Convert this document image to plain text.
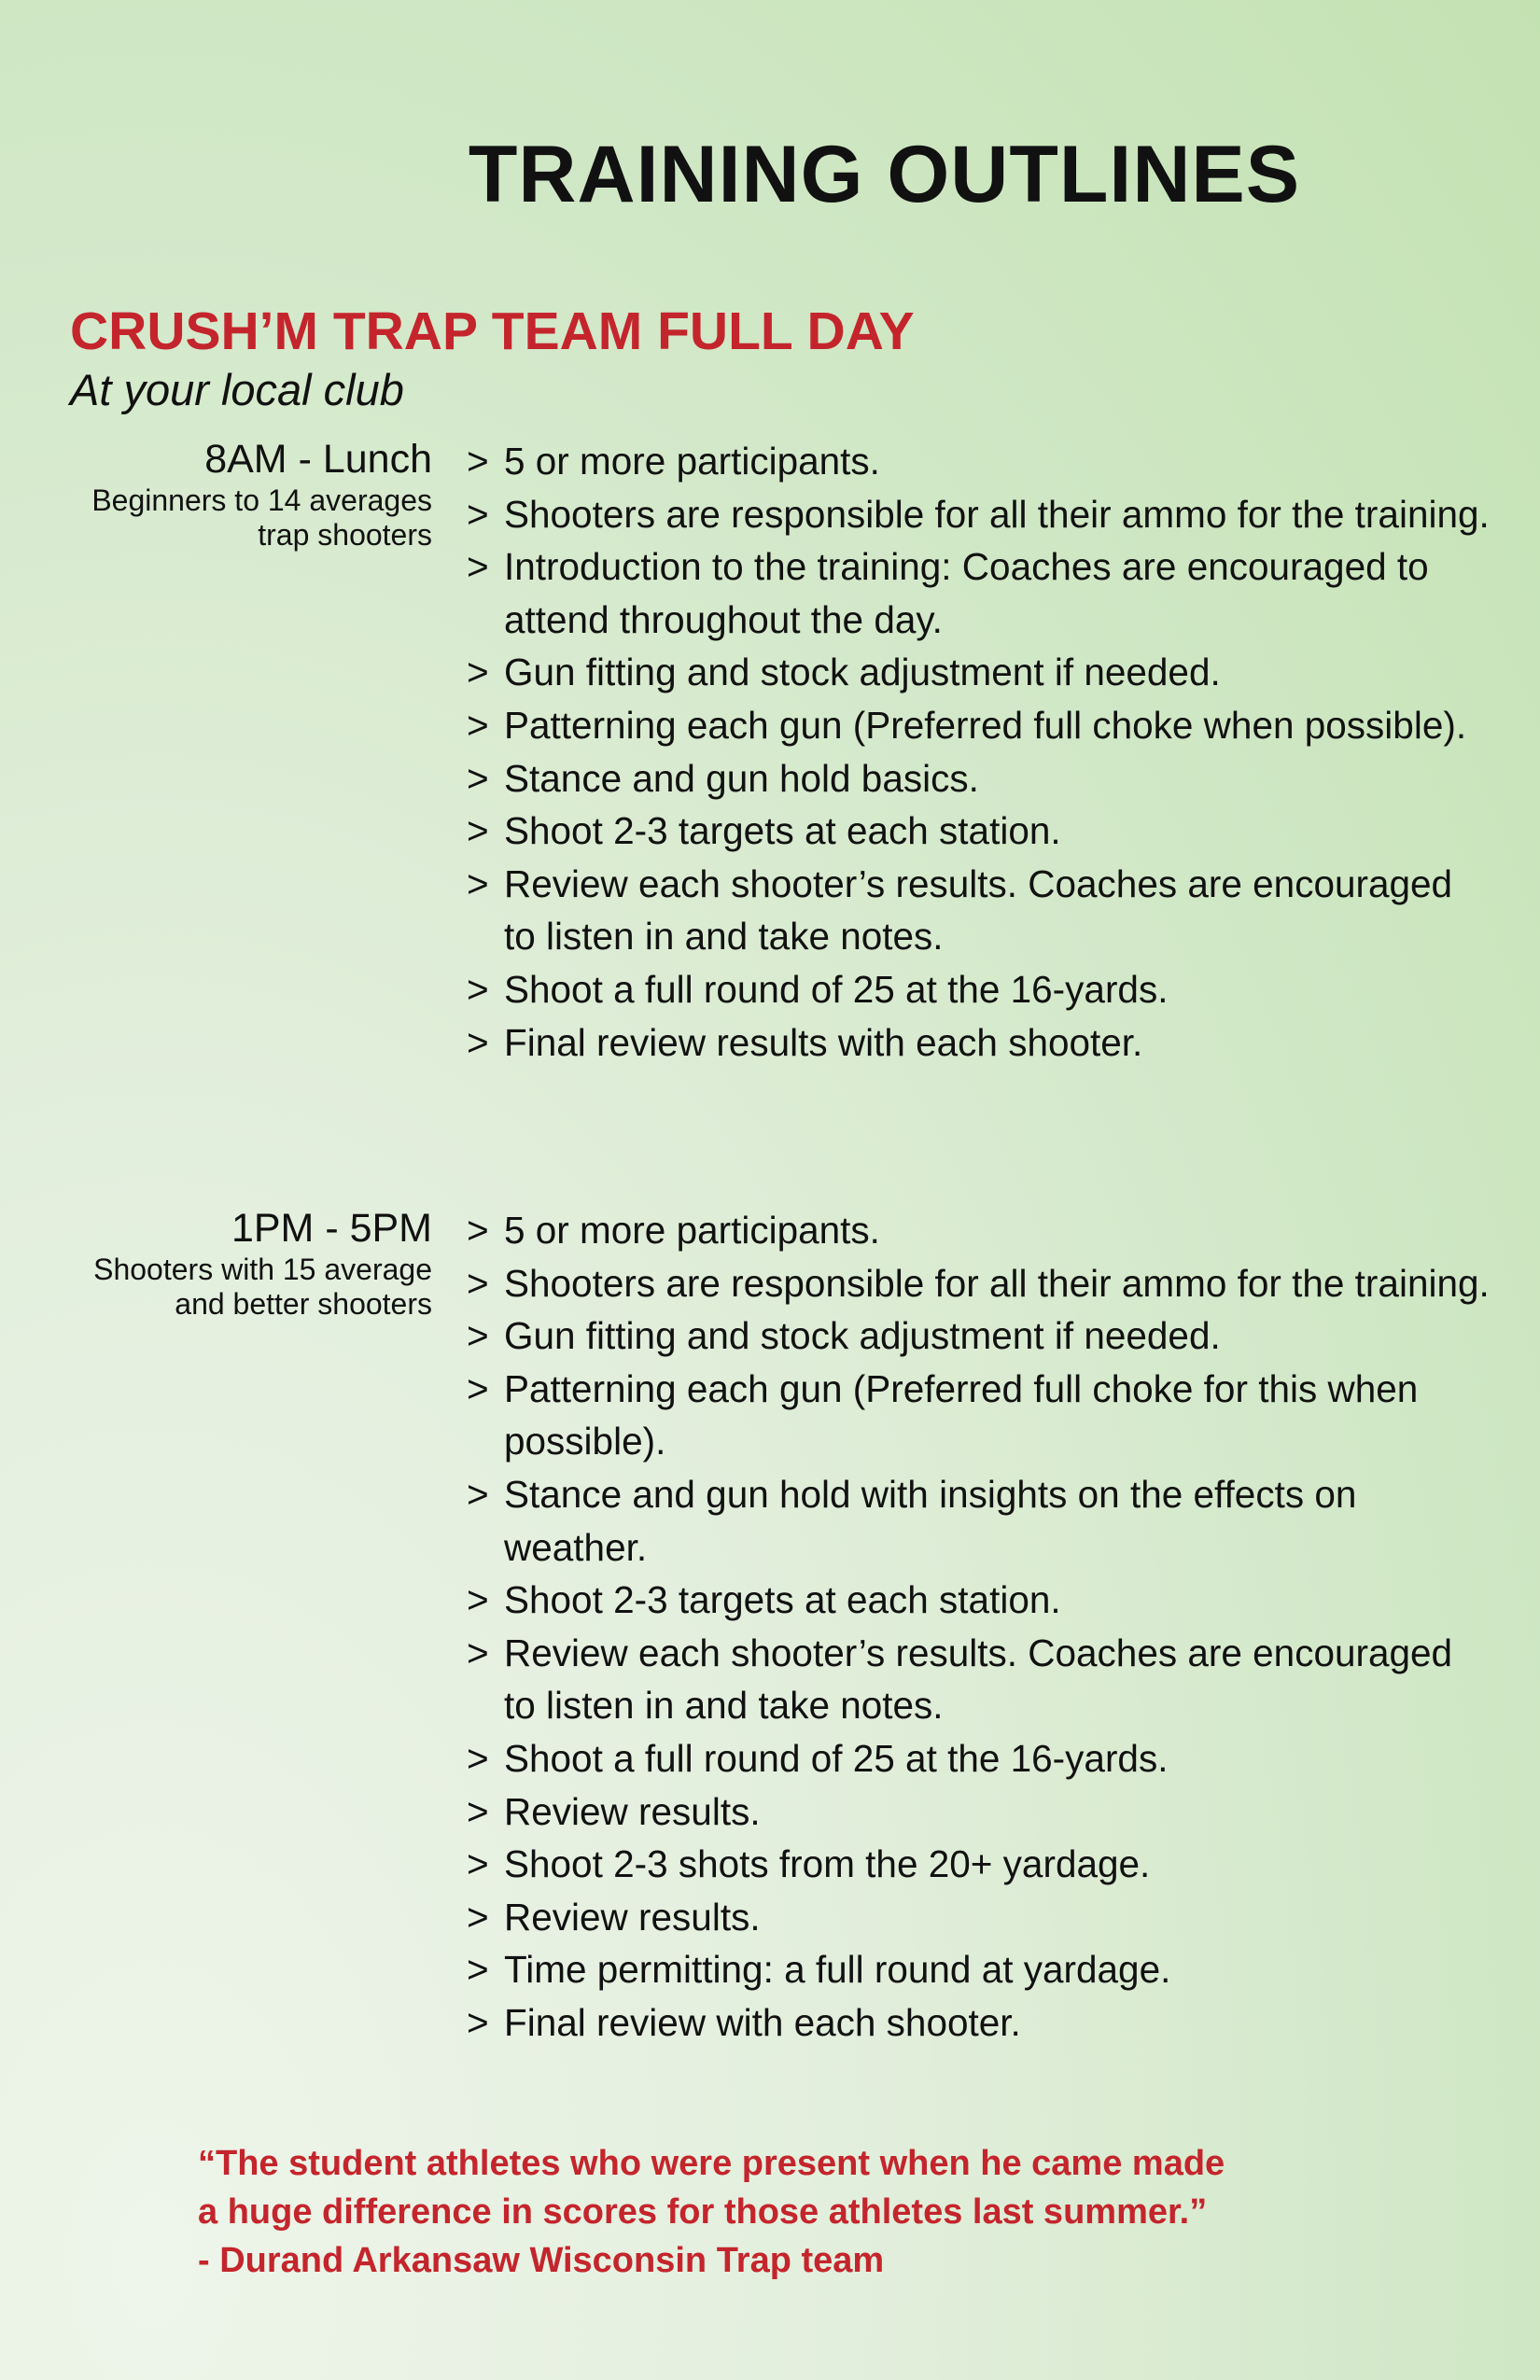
TRAINING OUTLINES
CRUSH’M TRAP TEAM FULL DAY

At your local club

8AM - Lunch

Beginners to 14 averages

trap shooters

> 5 or more participants.
> Shooters are responsible for all their ammo for the training.
> Introduction to the training: Coaches are encouraged to attend throughout the day.
> Gun fitting and stock adjustment if needed.
> Patterning each gun (Preferred full choke when possible).
> Stance and gun hold basics.
> Shoot 2-3 targets at each station.
> Review each shooter’s results. Coaches are encouraged to listen in and take notes.
> Shoot a full round of 25 at the 16-yards.
> Final review results with each shooter.

1PM - 5PM

Shooters with 15 average

and better shooters

> 5 or more participants.
> Shooters are responsible for all their ammo for the training.
> Gun fitting and stock adjustment if needed.
> Patterning each gun (Preferred full choke for this when possible).
> Stance and gun hold with insights on the effects on weather.
> Shoot 2-3 targets at each station.
> Review each shooter’s results. Coaches are encouraged to listen in and take notes.
> Shoot a full round of 25 at the 16-yards.
> Review results.
> Shoot 2-3 shots from the 20+ yardage.
> Review results.
> Time permitting: a full round at yardage.
> Final review with each shooter.
“The student athletes who were present when he came made
a huge difference in scores for those athletes last summer.”
- Durand Arkansaw Wisconsin Trap team
